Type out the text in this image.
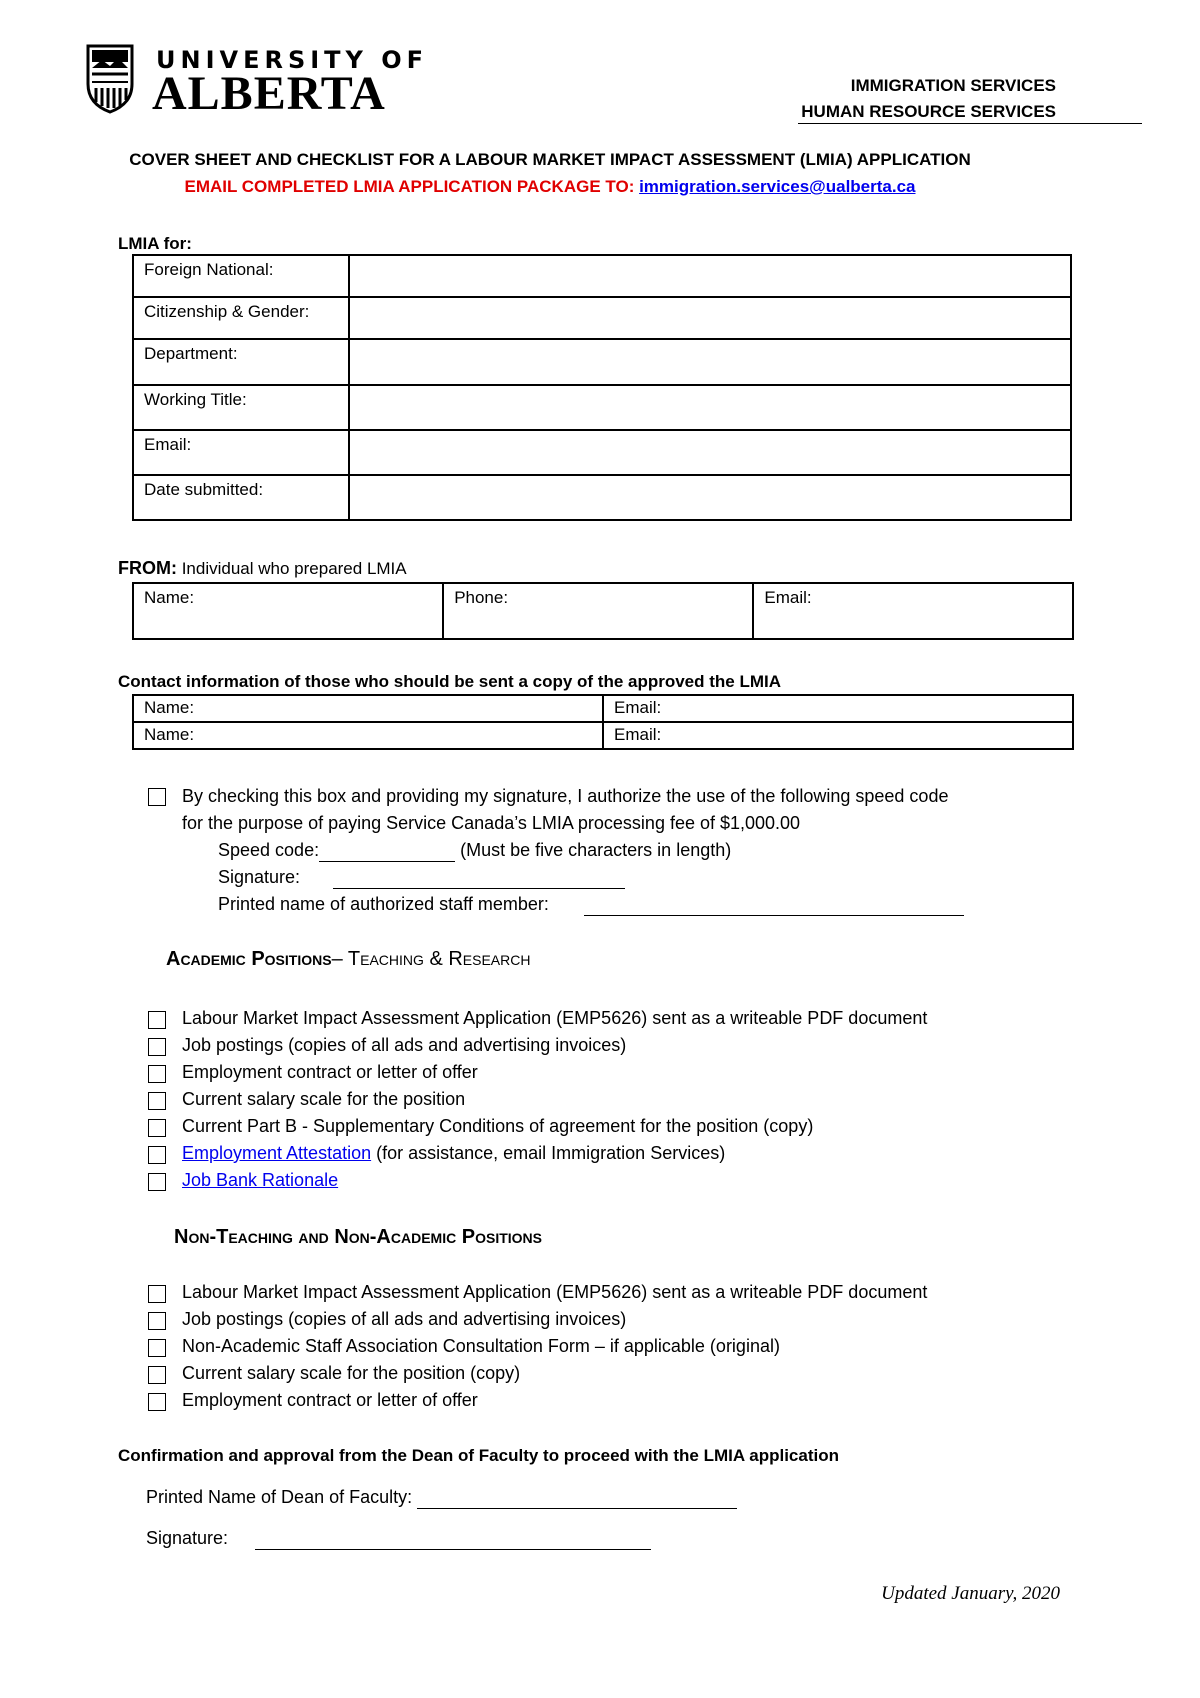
UNIVERSITY OF
ALBERTA	IMMIGRATION SERVICES
HUMAN RESOURCE SERVICES
COVER SHEET AND CHECKLIST FOR A LABOUR MARKET IMPACT ASSESSMENT (LMIA) APPLICATION
EMAIL COMPLETED LMIA APPLICATION PACKAGE TO: immigration.services@ualberta.ca
LMIA for:
Foreign National:	
Citizenship & Gender:	
Department:	
Working Title:	
Email:	
Date submitted:	
FROM: Individual who prepared LMIA
Name:	Phone:	Email:
Contact information of those who should be sent a copy of the approved the LMIA
Name:	Email:
Name:	Email:
By checking this box and providing my signature, I authorize the use of the following speed code
for the purpose of paying Service Canada’s LMIA processing fee of $1,000.00
Speed code:	(Must be five characters in length)
Signature:
Printed name of authorized staff member:
Academic Positions– Teaching & Research
Labour Market Impact Assessment Application (EMP5626) sent as a writeable PDF document
Job postings (copies of all ads and advertising invoices)
Employment contract or letter of offer
Current salary scale for the position
Current Part B - Supplementary Conditions of agreement for the position (copy)
Employment Attestation (for assistance, email Immigration Services)
Job Bank Rationale
Non-Teaching and Non-Academic Positions
Labour Market Impact Assessment Application (EMP5626) sent as a writeable PDF document
Job postings (copies of all ads and advertising invoices)
Non-Academic Staff Association Consultation Form – if applicable (original)
Current salary scale for the position (copy)
Employment contract or letter of offer
Confirmation and approval from the Dean of Faculty to proceed with the LMIA application
Printed Name of Dean of Faculty:
Signature:
Updated January, 2020
